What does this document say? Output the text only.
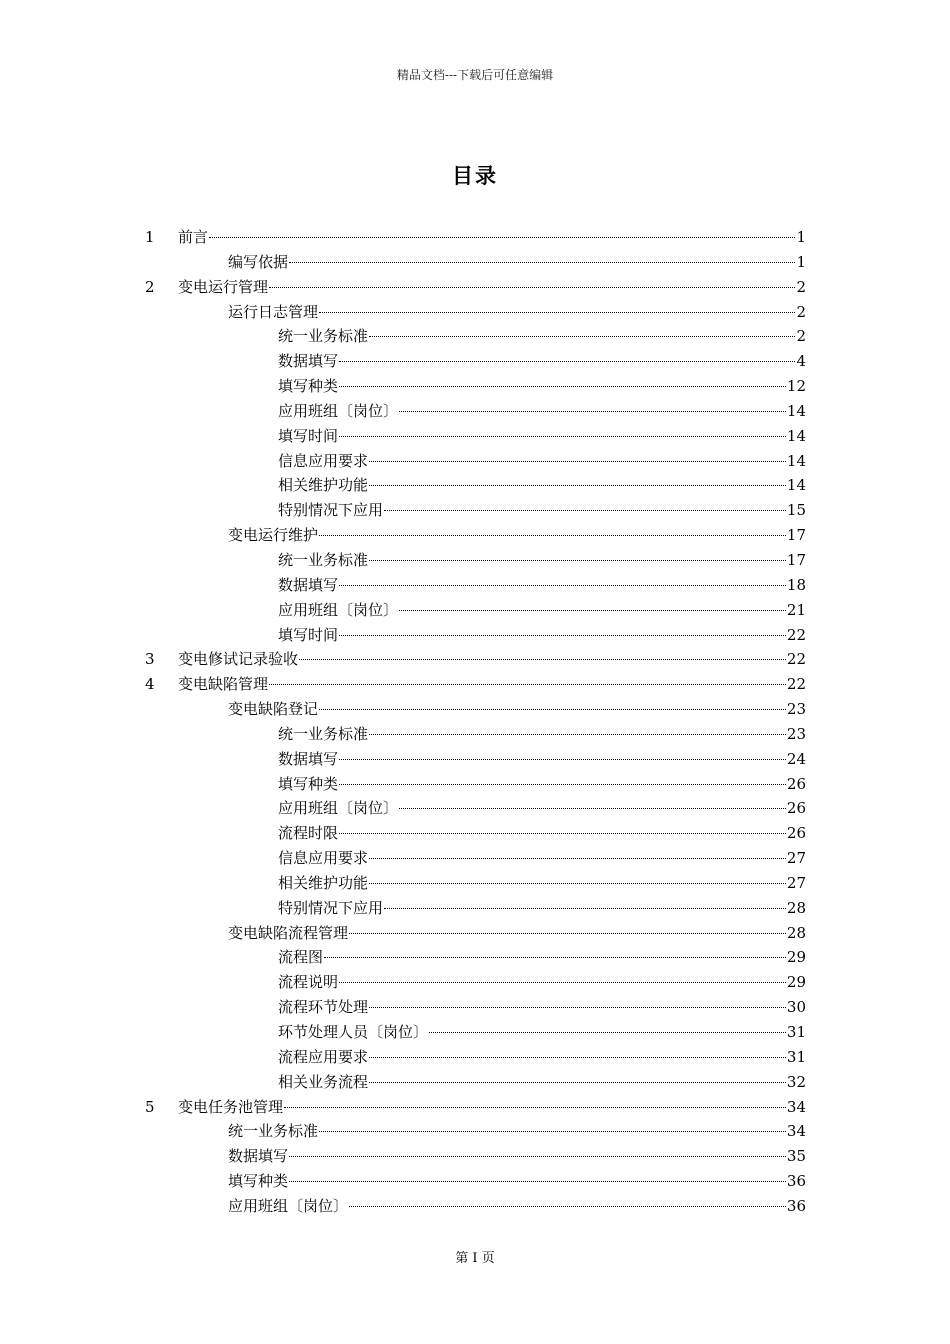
精品文档---下载后可任意编辑
目录
1 前言	1
编写依据	1
2 变电运行管理	2
运行日志管理	2
统一业务标准	2
数据填写	4
填写种类	12
应用班组〔岗位〕	14
填写时间	14
信息应用要求	14
相关维护功能	14
特别情况下应用	15
变电运行维护	17
统一业务标准	17
数据填写	18
应用班组〔岗位〕	21
填写时间	22
3 变电修试记录验收	22
4 变电缺陷管理	22
变电缺陷登记	23
统一业务标准	23
数据填写	24
填写种类	26
应用班组〔岗位〕	26
流程时限	26
信息应用要求	27
相关维护功能	27
特别情况下应用	28
变电缺陷流程管理	28
流程图	29
流程说明	29
流程环节处理	30
环节处理人员〔岗位〕	31
流程应用要求	31
相关业务流程	32
5 变电任务池管理	34
统一业务标准	34
数据填写	35
填写种类	36
应用班组〔岗位〕	36
第 I 页
